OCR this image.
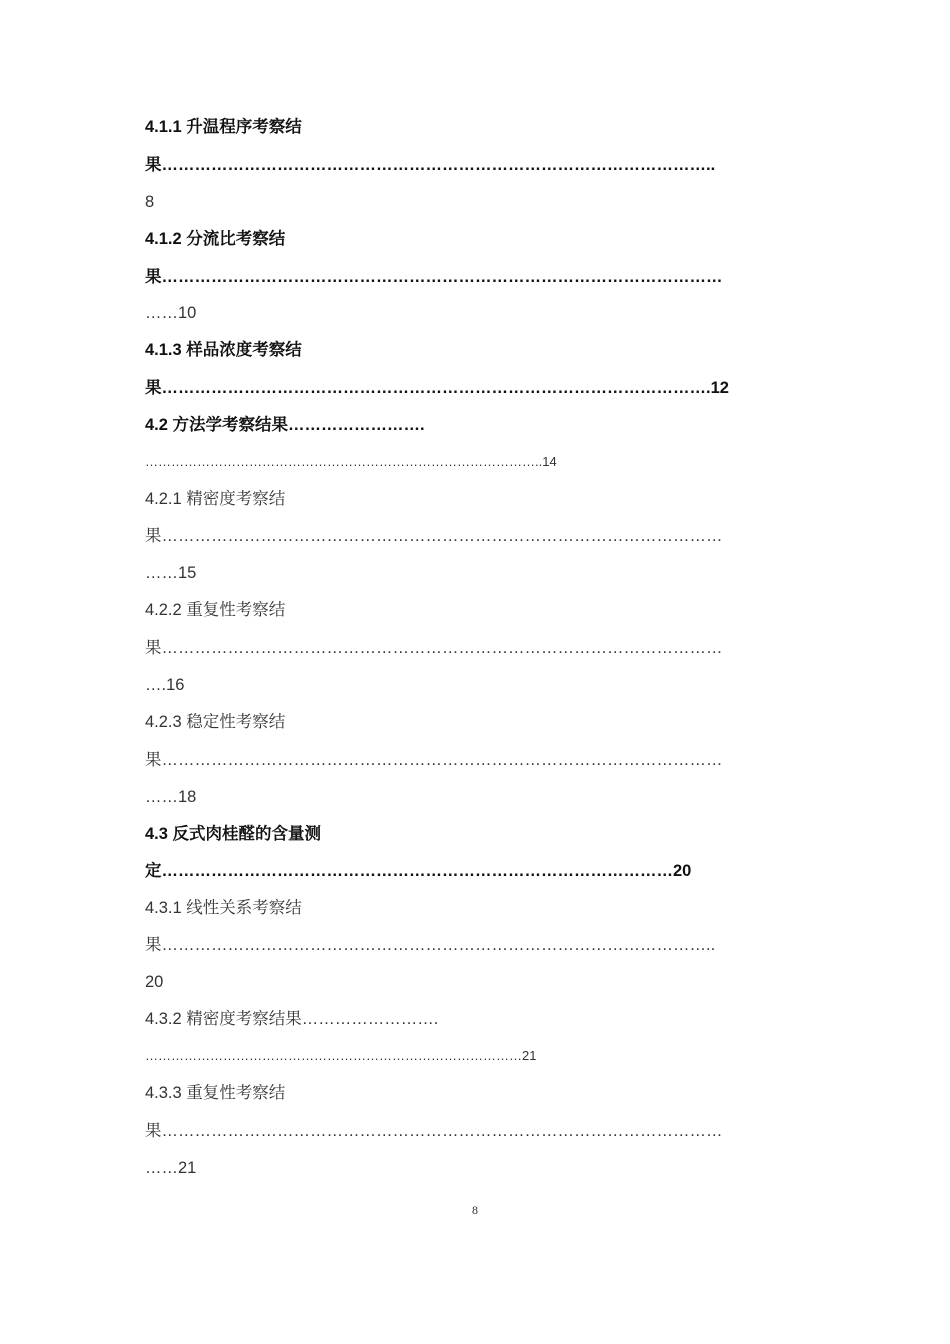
4.1.1 升温程序考察结
果………………………………………………………………………………………..
8
4.1.2 分流比考察结
果…………………………………………………………………………………………
……10
4.1.3 样品浓度考察结
果……………………………………………………………………………………….12
4.2 方法学考察结果…………………….
………………………………………………………………………………..14
4.2.1 精密度考察结
果…………………………………………………………………………………………
……15
4.2.2 重复性考察结
果…………………………………………………………………………………………
….16
4.2.3 稳定性考察结
果…………………………………………………………………………………………
……18
4.3 反式肉桂醛的含量测
定…………………………………………………………………………………20
4.3.1 线性关系考察结
果………………………………………………………………………………………..
20
4.3.2 精密度考察结果…………………….
……………………………………………………………………………21
4.3.3 重复性考察结
果…………………………………………………………………………………………
……21
8
